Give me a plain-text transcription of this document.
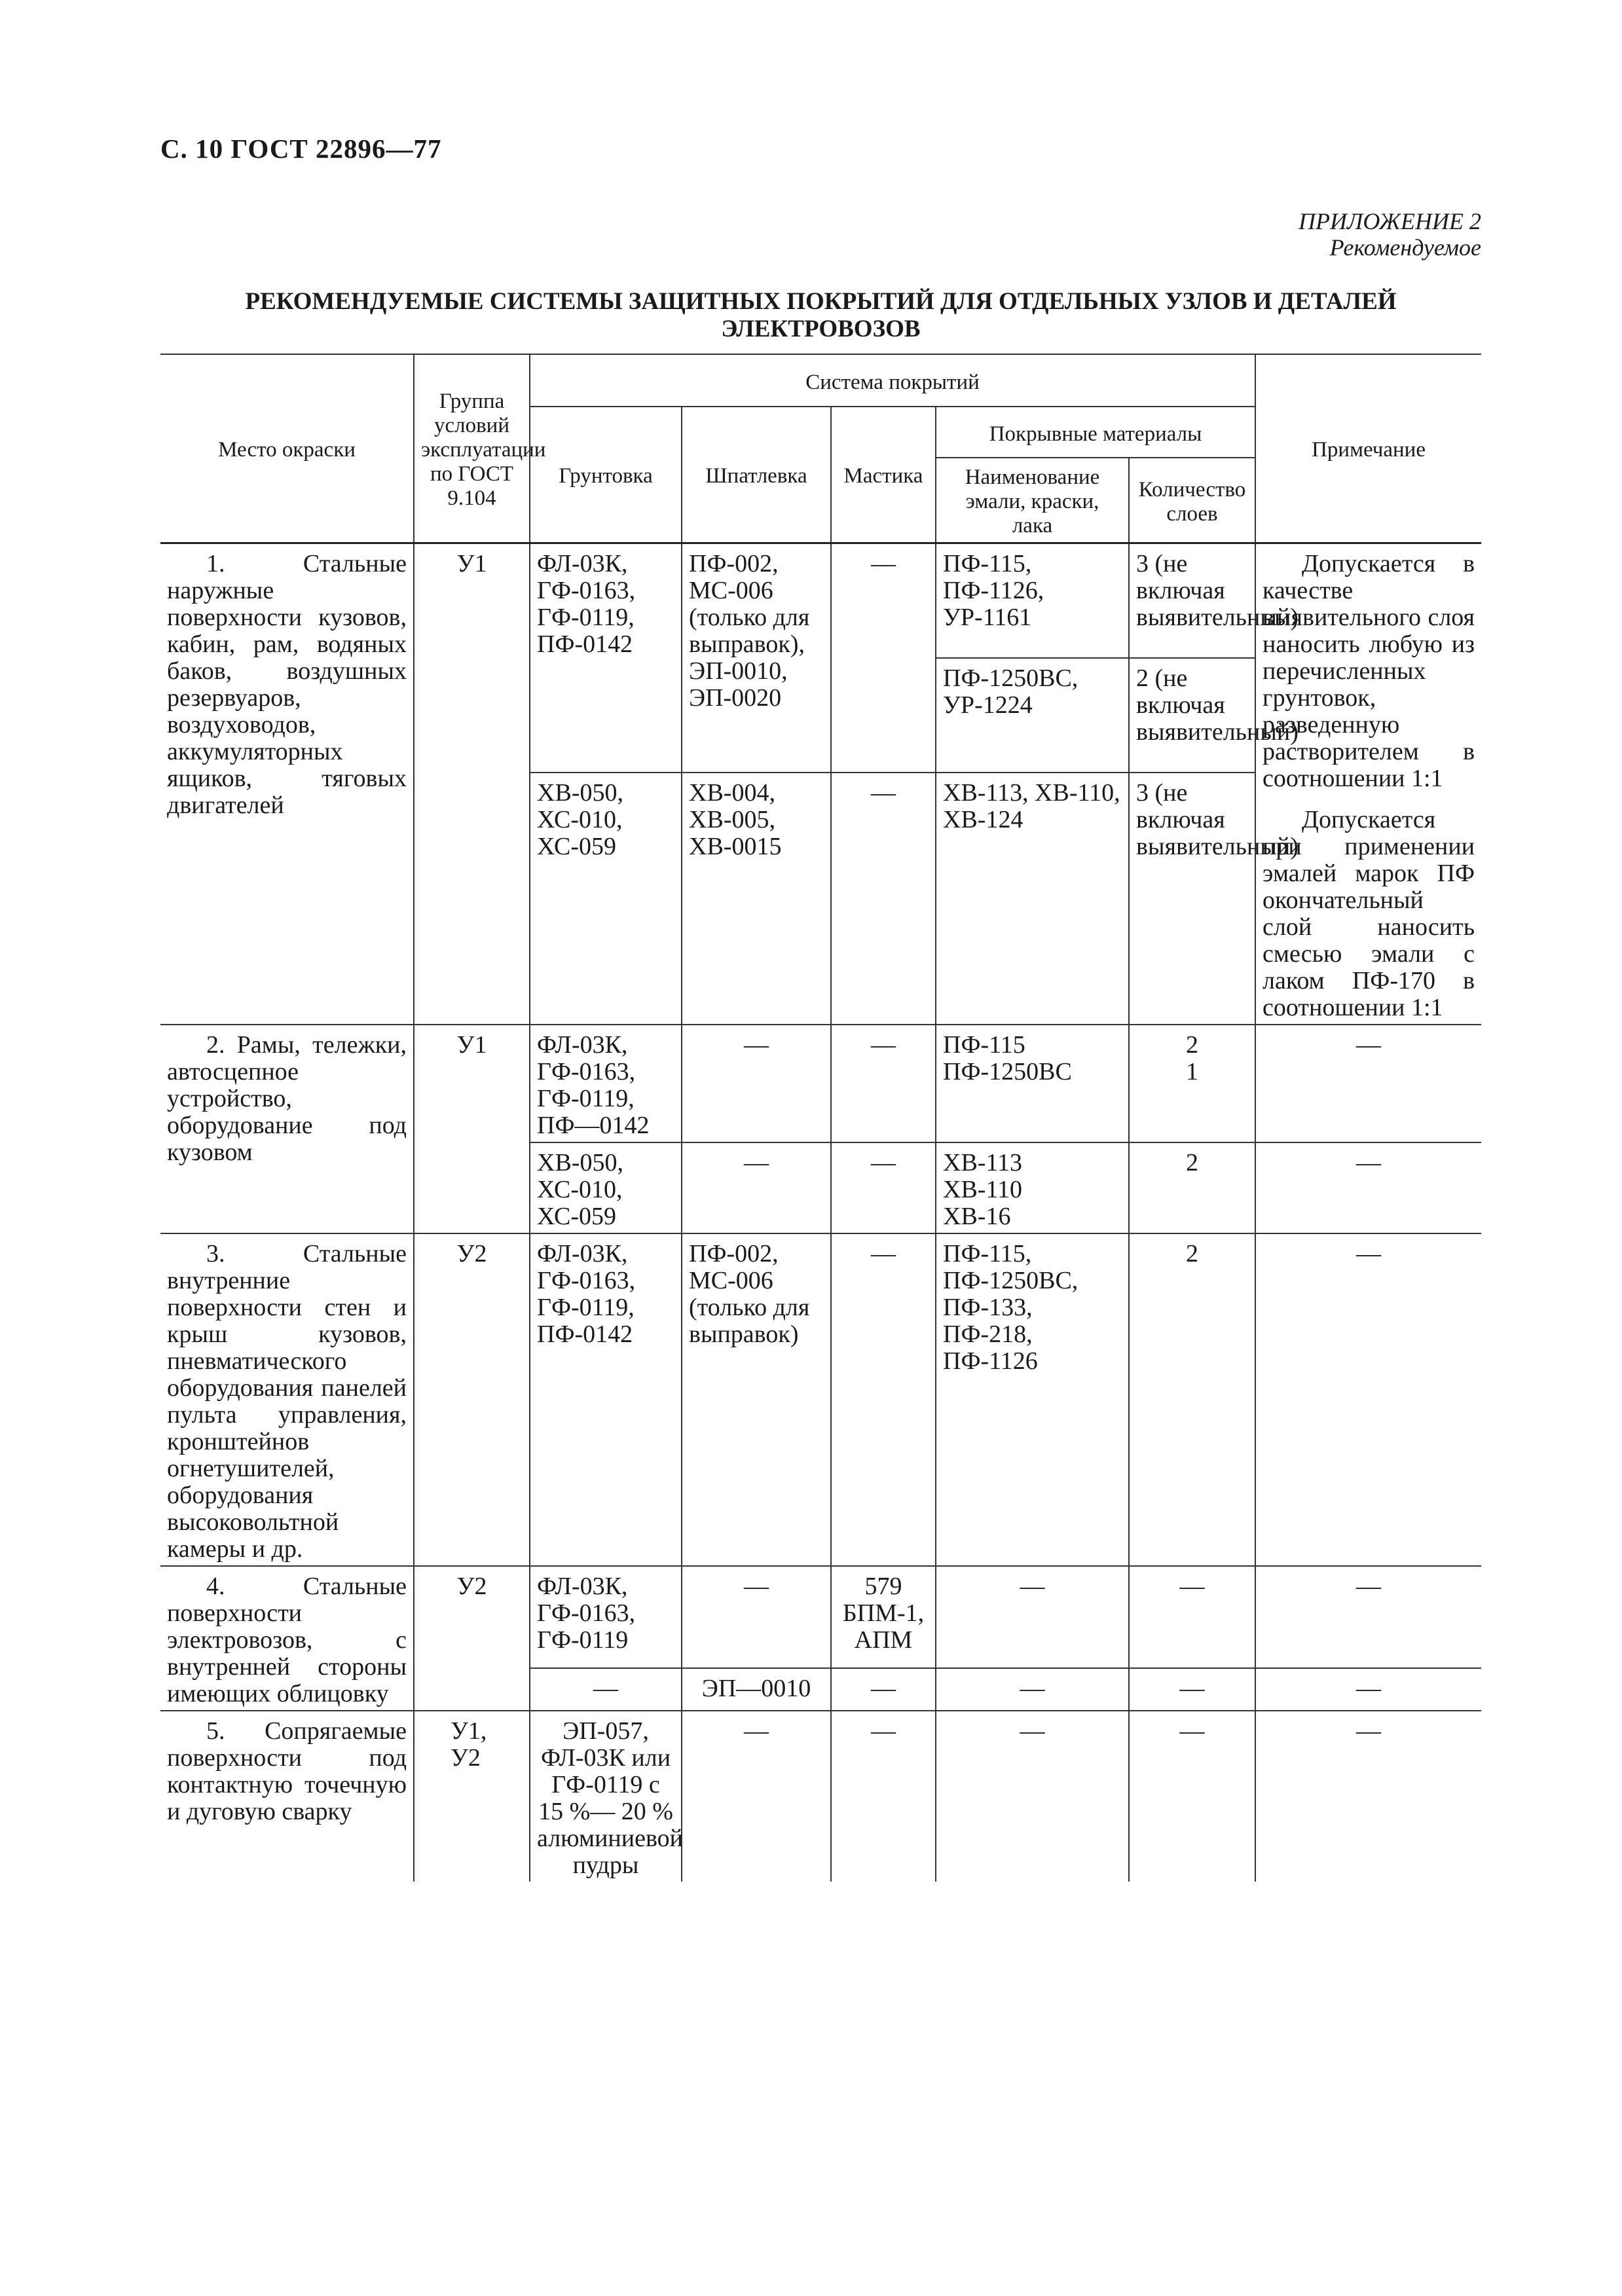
С. 10 ГОСТ 22896—77
ПРИЛОЖЕНИЕ 2
Рекомендуемое
РЕКОМЕНДУЕМЫЕ СИСТЕМЫ ЗАЩИТНЫХ ПОКРЫТИЙ ДЛЯ ОТДЕЛЬНЫХ УЗЛОВ И ДЕТАЛЕЙ ЭЛЕКТРОВОЗОВ
Место окраски	Группа условий эксплуатации по ГОСТ 9.104	Система покрытий					Примечание
		Грунтовка	Шпатлевка	Мастика	Покрывные материалы		
					Наименование эмали, краски, лака	Количество слоев	
1. Стальные наружные поверхности кузовов, кабин, рам, водяных баков, воздушных резервуаров, воздуховодов, аккумуляторных ящиков, тяговых двигателей	У1	ФЛ-03К, ГФ-0163, ГФ-0119, ПФ-0142	ПФ-002, МС-006 (только для выправок), ЭП-0010, ЭП-0020	—	ПФ-115, ПФ-1126, УР-1161	3 (не включая выявительный)	Допускается в качестве выявительного слоя наносить любую из перечисленных грунтовок, разведенную растворителем в соотношении 1:1
Допускается при применении эмалей марок ПФ окончательный слой наносить смесью эмали с лаком ПФ-170 в соотношении 1:1

					ПФ-1250ВС, УР-1224	2 (не включая выявительный)	
		ХВ-050, ХС-010, ХС-059	ХВ-004, ХВ-005, ХВ-0015	—	ХВ-113, ХВ-110, ХВ-124	3 (не включая выявительный)	
2. Рамы, тележки, автосцепное устройство, оборудование под кузовом	У1	ФЛ-03К, ГФ-0163, ГФ-0119, ПФ—0142	—	—	ПФ-115 ПФ-1250ВС	2 1	—
		ХВ-050, ХС-010, ХС-059	—	—	ХВ-113 ХВ-110 ХВ-16	2	—
3. Стальные внутренние поверхности стен и крыш кузовов, пневматического оборудования панелей пульта управления, кронштейнов огнетушителей, оборудования высоковольтной камеры и др.	У2	ФЛ-03К, ГФ-0163, ГФ-0119, ПФ-0142	ПФ-002, МС-006 (только для выправок)	—	ПФ-115, ПФ-1250ВС, ПФ-133, ПФ-218, ПФ-1126	2	—
4. Стальные поверхности электровозов, с внутренней стороны имеющих облицовку	У2	ФЛ-03К, ГФ-0163, ГФ-0119	—	579 БПМ-1, АПМ	—	—	—
		—	ЭП—0010	—	—	—	—
5. Сопрягаемые поверхности под контактную точечную и дуговую сварку	У1, У2	ЭП-057, ФЛ-03К или ГФ-0119 с 15 %— 20 % алюминиевой пудры	—	—	—	—	—
